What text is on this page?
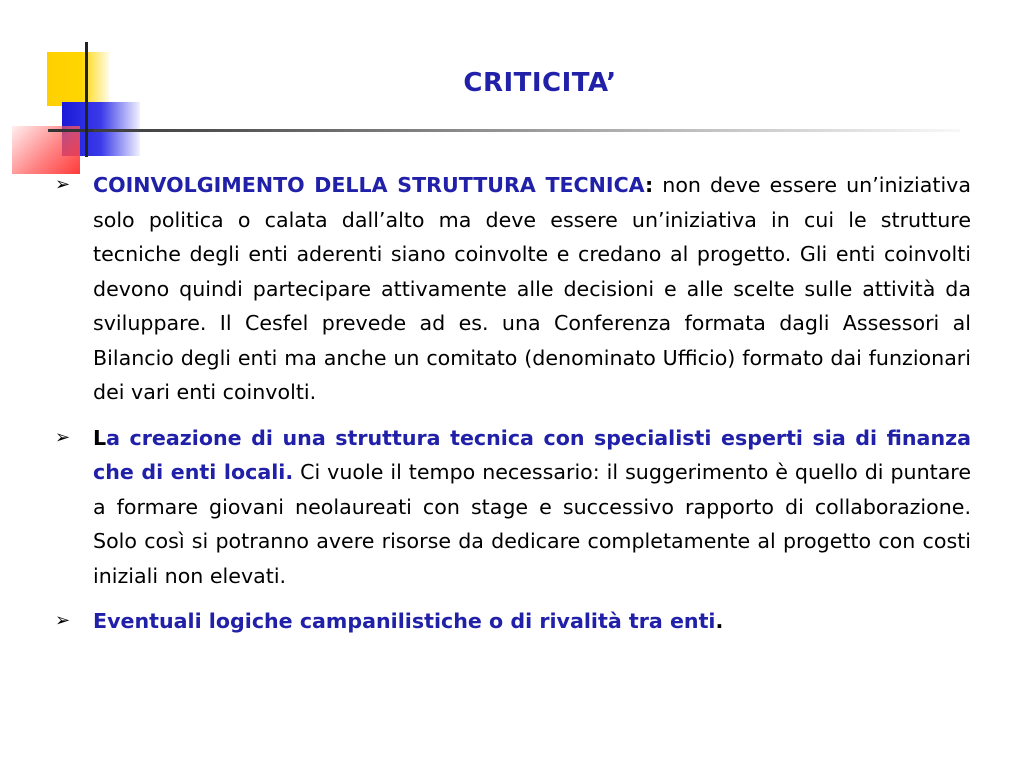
CRITICITA’
➢ COINVOLGIMENTO DELLA STRUTTURA TECNICA: non deve essere un’iniziativa solo politica o calata dall’alto ma deve essere un’iniziativa in cui le strutture tecniche degli enti aderenti siano coinvolte e credano al progetto. Gli enti coinvolti devono quindi partecipare attivamente alle decisioni e alle scelte sulle attività da sviluppare. Il Cesfel prevede ad es. una Conferenza formata dagli Assessori al Bilancio degli enti ma anche un comitato (denominato Ufficio) formato dai funzionari dei vari enti coinvolti.
➢ La creazione di una struttura tecnica con specialisti esperti sia di finanza che di enti locali. Ci vuole il tempo necessario: il suggerimento è quello di puntare a formare giovani neolaureati con stage e successivo rapporto di collaborazione. Solo così si potranno avere risorse da dedicare completamente al progetto con costi iniziali non elevati.
➢ Eventuali logiche campanilistiche o di rivalità tra enti.
